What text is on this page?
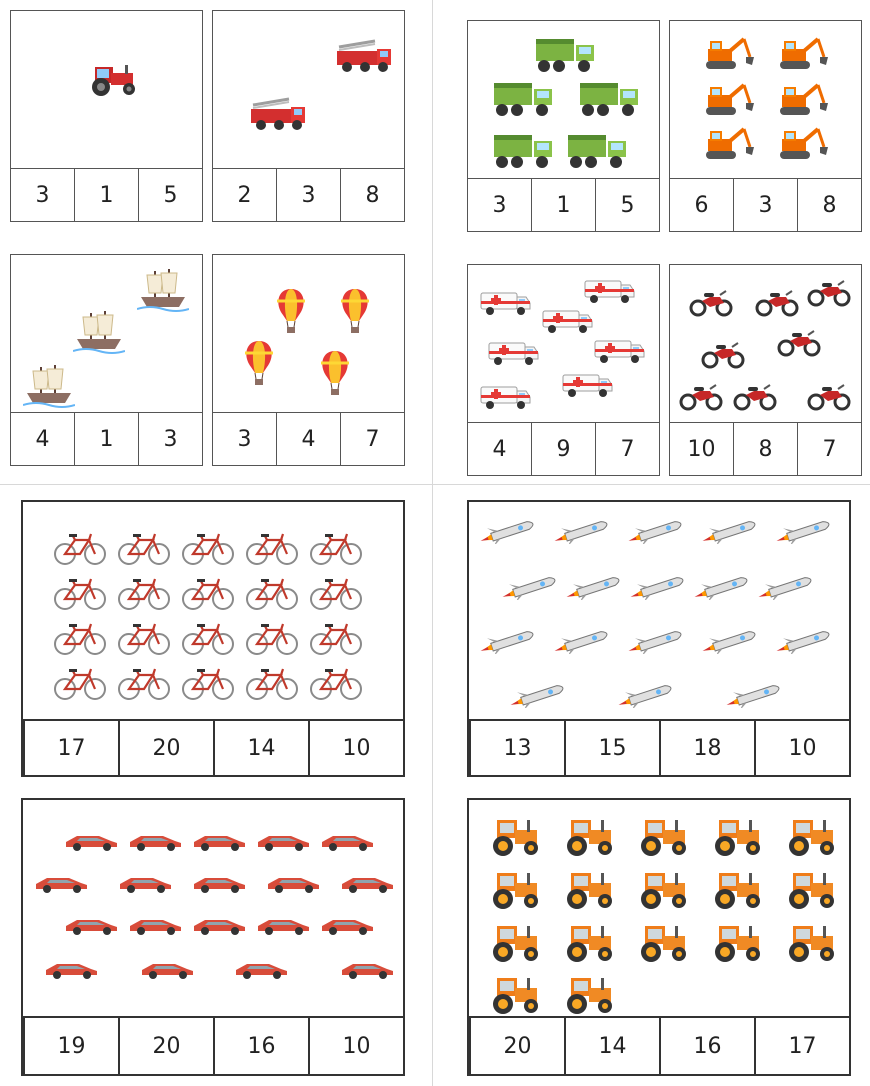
3	1	5	2	3	8	3	1	5	6	3	8
4	1	3	3	4	7	4	9	7	10	8	7
17	20	14	10	13	15	18	10
19	20	16	10	20	14	16	17
